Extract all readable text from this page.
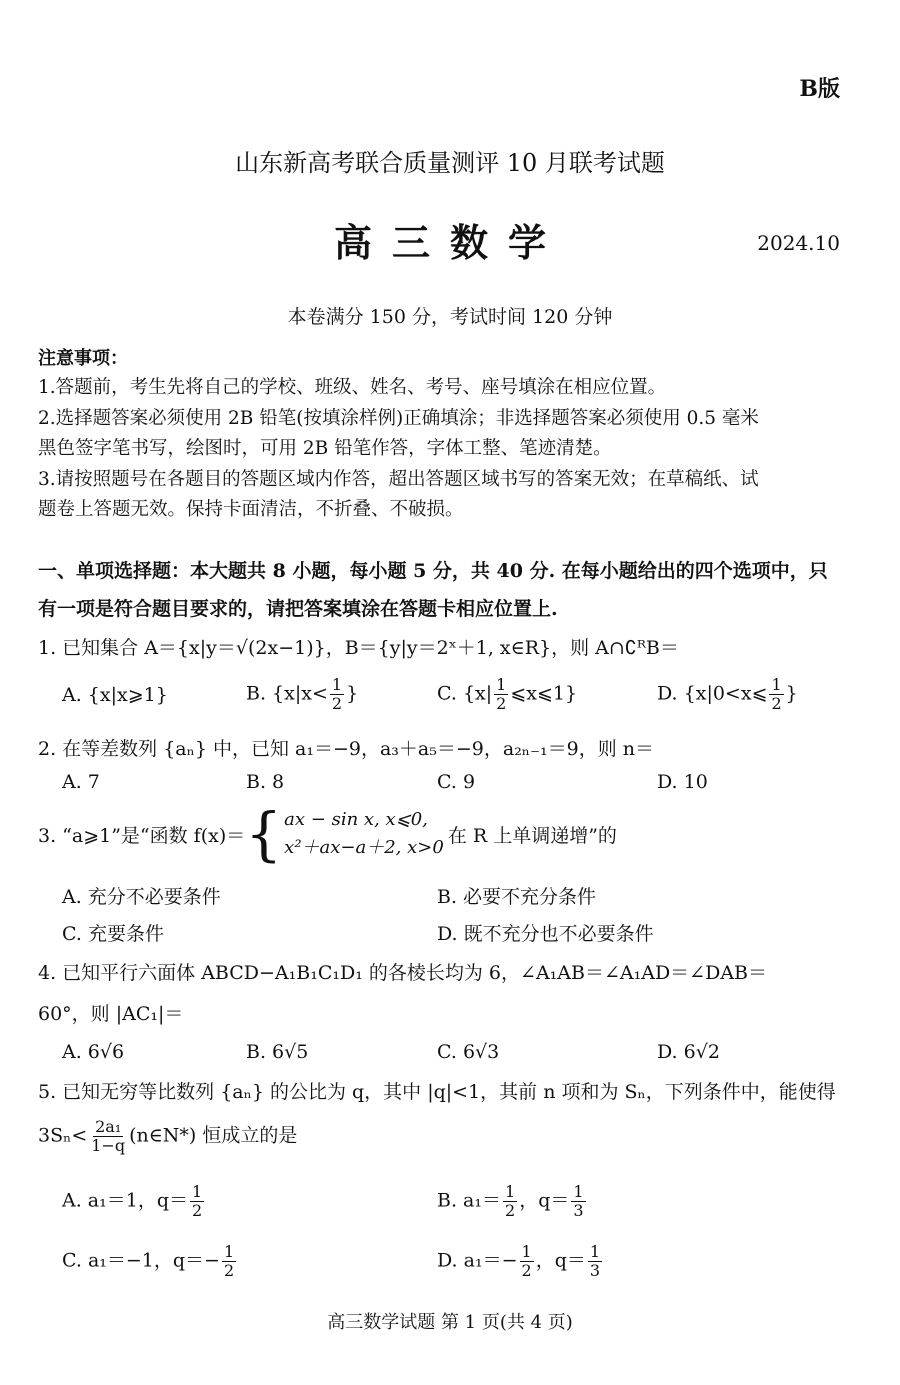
B版
山东新高考联合质量测评 10 月联考试题
高三数学	2024.10
本卷满分 150 分，考试时间 120 分钟
注意事项：
1.答题前，考生先将自己的学校、班级、姓名、考号、座号填涂在相应位置。
2.选择题答案必须使用 2B 铅笔(按填涂样例)正确填涂；非选择题答案必须使用 0.5 毫米
黑色签字笔书写，绘图时，可用 2B 铅笔作答，字体工整、笔迹清楚。
3.请按照题号在各题目的答题区域内作答，超出答题区域书写的答案无效；在草稿纸、试
题卷上答题无效。保持卡面清洁，不折叠、不破损。
一、单项选择题：本大题共 8 小题，每小题 5 分，共 40 分. 在每小题给出的四个选项中，只
有一项是符合题目要求的，请把答案填涂在答题卡相应位置上.
1. 已知集合 A＝{x|y＝√(2x−1)}，B＝{y|y＝2ˣ＋1, x∈R}，则 A∩∁ᴿB＝
A. {x|x⩾1}	B. {$x|x< \frac{1}{2}$ }	C. {$x| \frac{1}{2}$ ⩽x⩽1}	D. {x|0<x⩽ $\frac{1}{2}$ }
2. 在等差数列 {aₙ} 中，已知 a₁＝−9，a₃＋a₅＝−9，a₂ₙ₋₁＝9，则 n＝
A. 7	B. 8	C. 9	D. 10
3. “a⩾1”是“函数 f(x)＝ { ax − sin x, x⩽0,
x²＋ax−a＋2, x>0
在 R 上单调递增”的
A. 充分不必要条件	B. 必要不充分条件
C. 充要条件	D. 既不充分也不必要条件
4. 已知平行六面体 ABCD−A₁B₁C₁D₁ 的各棱长均为 6，∠A₁AB＝∠A₁AD＝∠DAB＝
60°，则 |AC₁|＝
A. 6√6	B. 6√5	C. 6√3	D. 6√2
5. 已知无穷等比数列 {aₙ} 的公比为 q，其中 |q|<1，其前 n 项和为 Sₙ，下列条件中，能使得
$3S_n< \frac{\text{2a₁}}{1-q}$ (n∈N*) 恒成立的是
A. a₁＝1，$q= \frac{1}{2}$	B. $a_1= \frac{1}{2}$ ，$q= \frac{1}{3}$
C. a₁＝−1，$q=- \frac{1}{2}$	D. $a_1=- \frac{1}{2}$ ，$q= \frac{1}{3}$
高三数学试题 第 1 页(共 4 页)
